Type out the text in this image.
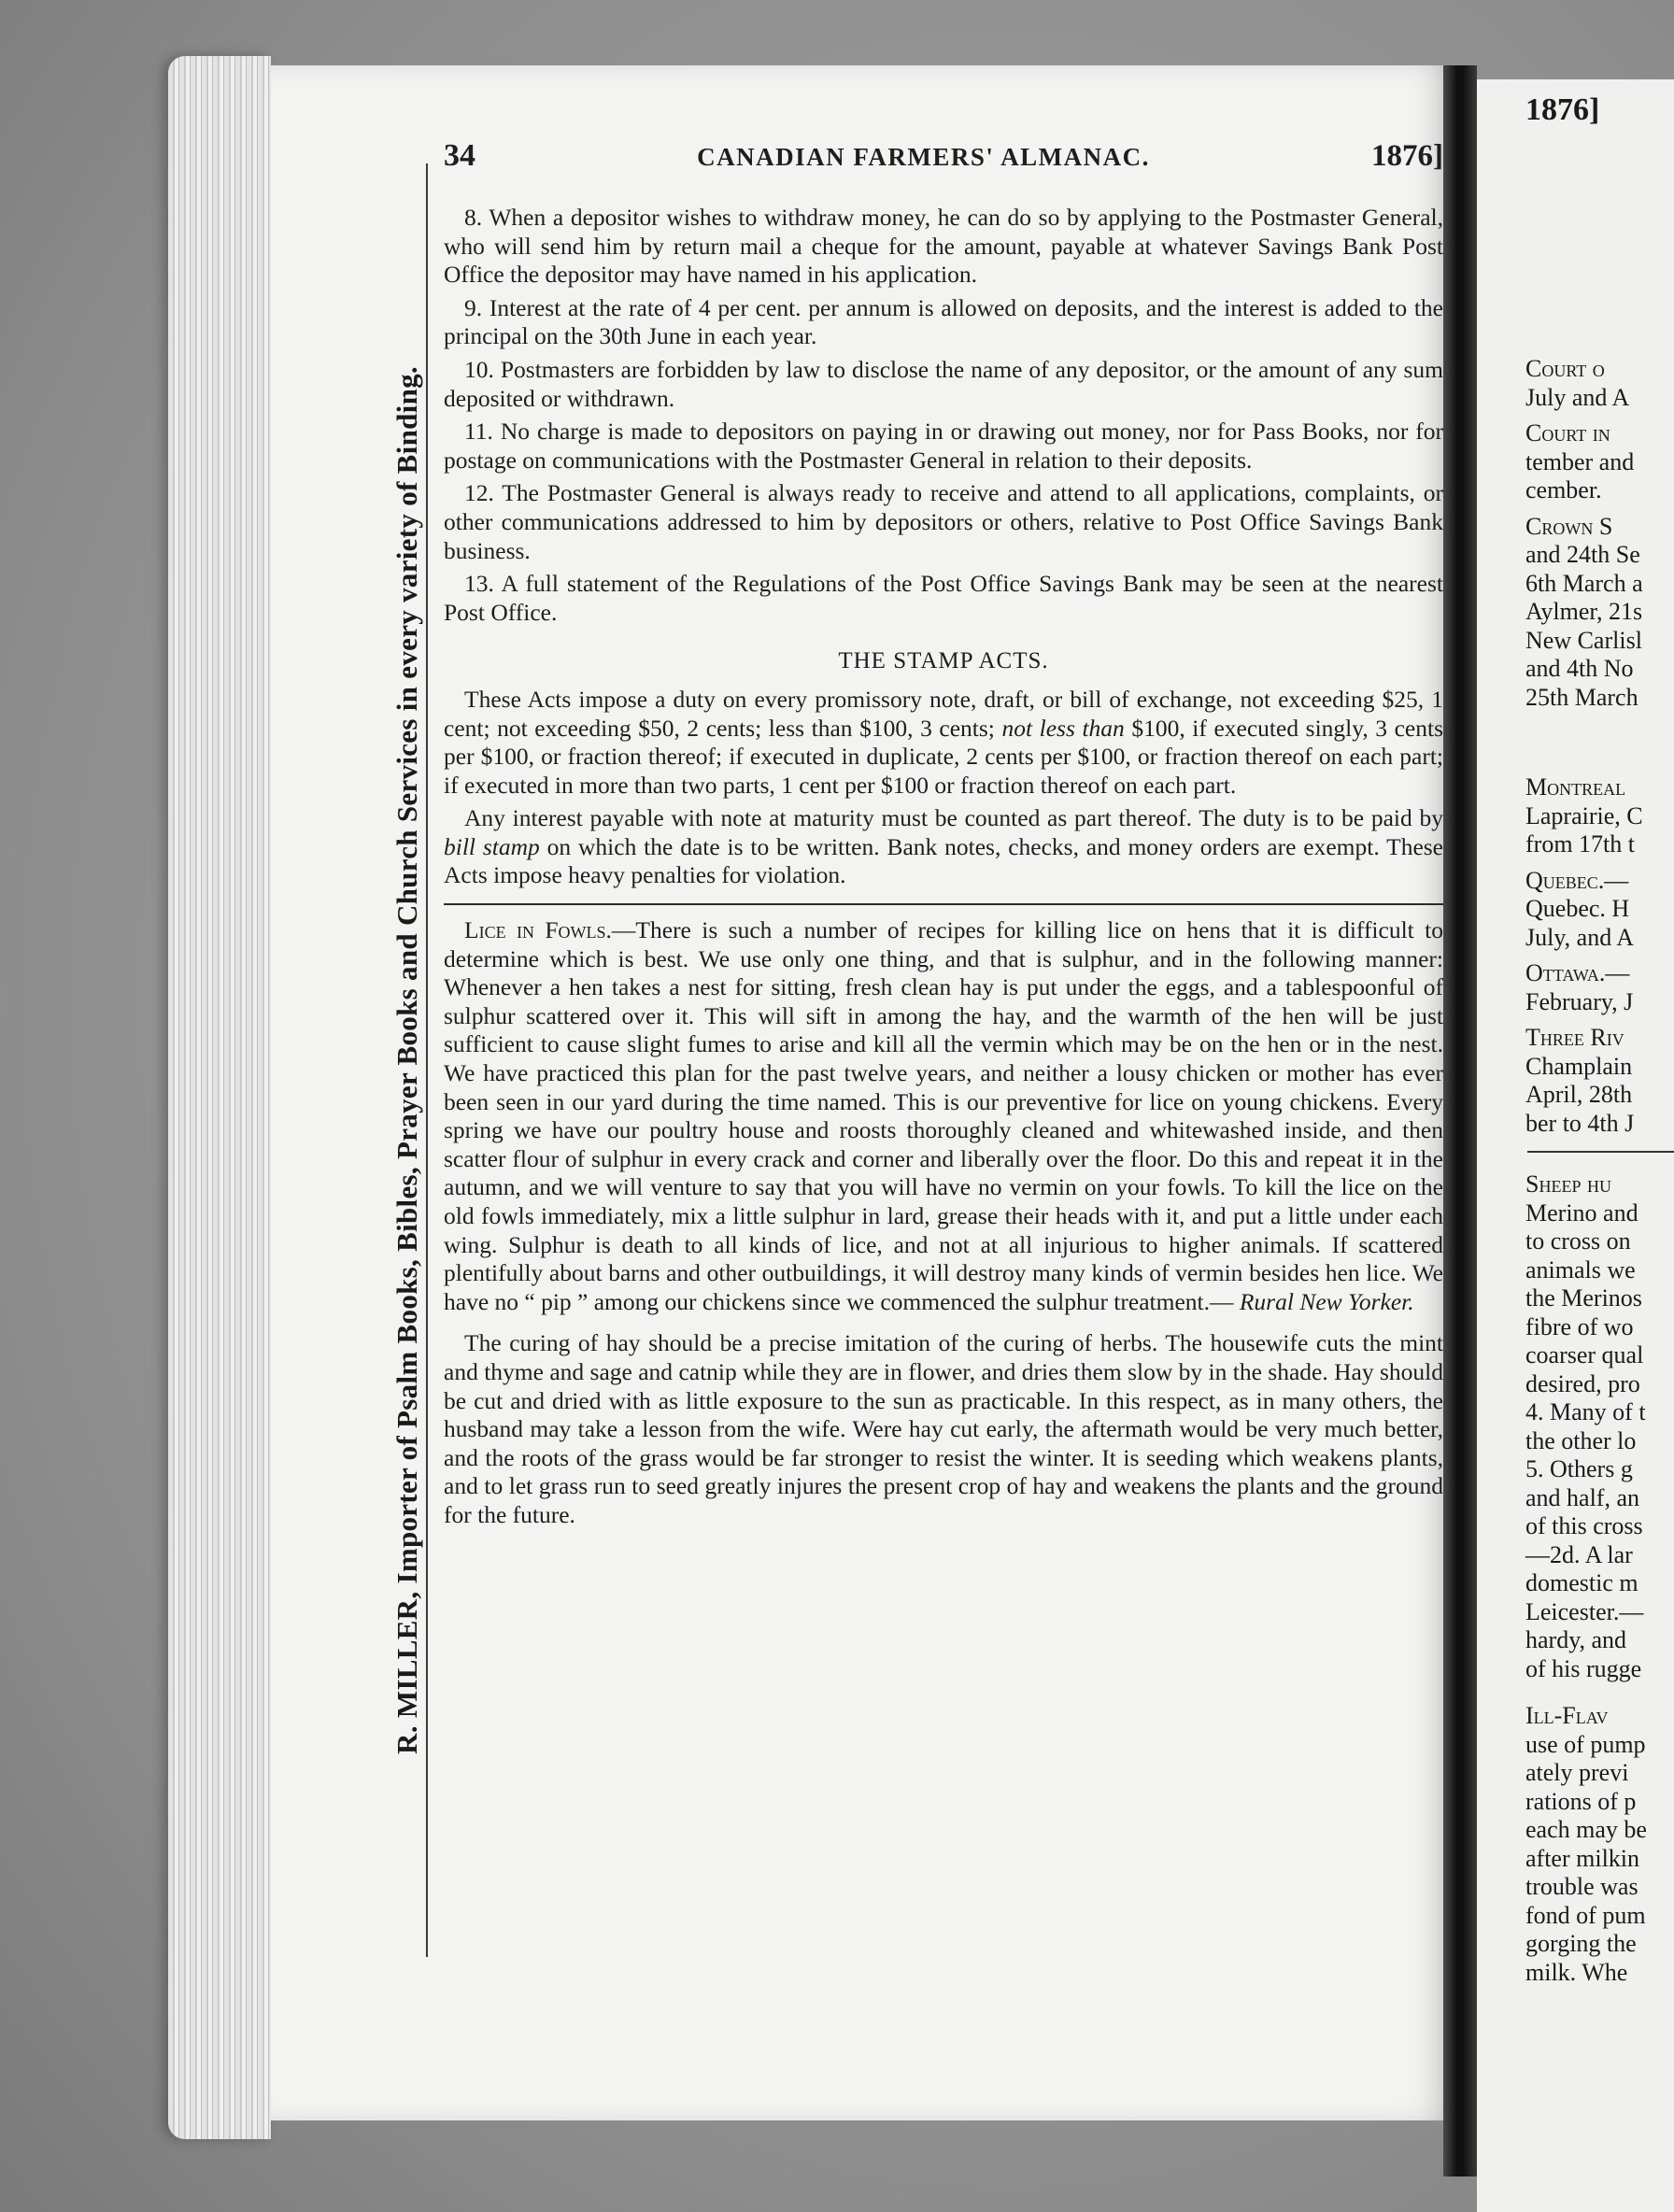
R. MILLER, Importer of Psalm Books, Bibles, Prayer Books and Church Services in every variety of Binding.
34	CANADIAN FARMERS' ALMANAC.	1876]

8. When a depositor wishes to withdraw money, he can do so by applying to the Postmaster General, who will send him by return mail a cheque for the amount, payable at whatever Savings Bank Post Office the depositor may have named in his application.

9. Interest at the rate of 4 per cent. per annum is allowed on deposits, and the interest is added to the principal on the 30th June in each year.

10. Postmasters are forbidden by law to disclose the name of any depositor, or the amount of any sum deposited or withdrawn.

11. No charge is made to depositors on paying in or drawing out money, nor for Pass Books, nor for postage on communications with the Postmaster General in relation to their deposits.

12. The Postmaster General is always ready to receive and attend to all applications, complaints, or other communications addressed to him by depositors or others, relative to Post Office Savings Bank business.

13. A full statement of the Regulations of the Post Office Savings Bank may be seen at the nearest Post Office.

THE STAMP ACTS.

These Acts impose a duty on every promissory note, draft, or bill of exchange, not exceeding $25, 1 cent; not exceeding $50, 2 cents; less than $100, 3 cents; not less than $100, if executed singly, 3 cents per $100, or fraction thereof; if executed in duplicate, 2 cents per $100, or fraction thereof on each part; if executed in more than two parts, 1 cent per $100 or fraction thereof on each part.

Any interest payable with note at maturity must be counted as part thereof. The duty is to be paid by bill stamp on which the date is to be written. Bank notes, checks, and money orders are exempt. These Acts impose heavy penalties for violation.

Lice in Fowls.—There is such a number of recipes for killing lice on hens that it is difficult to determine which is best. We use only one thing, and that is sulphur, and in the following manner: Whenever a hen takes a nest for sitting, fresh clean hay is put under the eggs, and a tablespoonful of sulphur scattered over it. This will sift in among the hay, and the warmth of the hen will be just sufficient to cause slight fumes to arise and kill all the vermin which may be on the hen or in the nest. We have practiced this plan for the past twelve years, and neither a lousy chicken or mother has ever been seen in our yard during the time named. This is our preventive for lice on young chickens. Every spring we have our poultry house and roosts thoroughly cleaned and whitewashed inside, and then scatter flour of sulphur in every crack and corner and liberally over the floor. Do this and repeat it in the autumn, and we will venture to say that you will have no vermin on your fowls. To kill the lice on the old fowls immediately, mix a little sulphur in lard, grease their heads with it, and put a little under each wing. Sulphur is death to all kinds of lice, and not at all injurious to higher animals. If scattered plentifully about barns and other outbuildings, it will destroy many kinds of vermin besides hen lice. We have no “ pip ” among our chickens since we commenced the sulphur treatment.— Rural New Yorker.

The curing of hay should be a precise imitation of the curing of herbs. The housewife cuts the mint and thyme and sage and catnip while they are in flower, and dries them slow by in the shade. Hay should be cut and dried with as little exposure to the sun as practicable. In this respect, as in many others, the husband may take a lesson from the wife. Were hay cut early, the aftermath would be very much better, and the roots of the grass would be far stronger to resist the winter. It is seeding which weakens plants, and to let grass run to seed greatly injures the present crop of hay and weakens the plants and the ground for the future.

1876]
Court o
July and A
Court in
tember and
cember.
Crown S
and 24th Se
6th March a
Aylmer, 21s
New Carlisl
and 4th No
25th March
Montreal
Laprairie, C
from 17th t
Quebec.—
Quebec. H
July, and A
Ottawa.—
February, J
Three Riv
Champlain
April, 28th
ber to 4th J
Sheep hu
Merino and
to cross on
animals we
the Merinos
fibre of wo
coarser qual
desired, pro
4. Many of t
the other lo
5. Others g
and half, an
of this cross
—2d. A lar
domestic m
Leicester.—
hardy, and
of his rugge
Ill-Flav
use of pump
ately previ
rations of p
each may be
after milkin
trouble was
fond of pum
gorging the
milk. Whe
